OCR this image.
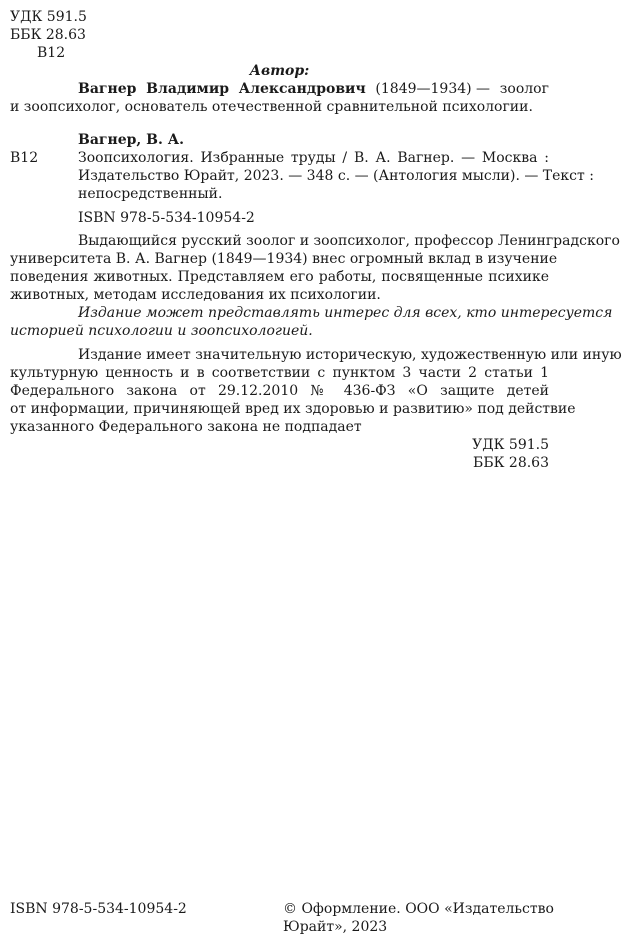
УДК 591.5
ББК 28.63
В12
Автор:
Вагнер Владимир Александрович (1849—1934) — зоолог
и зоопсихолог, основатель отечественной сравнительной психологии.
Вагнер, В. А.
В12	Зоопсихология. Избранные труды / В. А. Вагнер. — Москва :
Издательство Юрайт, 2023. — 348 с. — (Антология мысли). — Текст :
непосредственный.
ISBN 978-5-534-10954-2
Выдающийся русский зоолог и зоопсихолог, профессор Ленинградского
университета В. А. Вагнер (1849—1934) внес огромный вклад в изучение
поведения животных. Представляем его работы, посвященные психике
животных, методам исследования их психологии.
Издание может представлять интерес для всех, кто интересуется
историей психологии и зоопсихологией.
Издание имеет значительную историческую, художественную или иную
культурную ценность и в соответствии с пунктом 3 части 2 статьи 1
Федерального закона от 29.12.2010 № 436-ФЗ «О защите детей
от информации, причиняющей вред их здоровью и развитию» под действие
указанного Федерального закона не подпадает
УДК 591.5
ББК 28.63
ISBN 978-5-534-10954-2	© Оформление. ООО «Издательство
Юрайт», 2023
